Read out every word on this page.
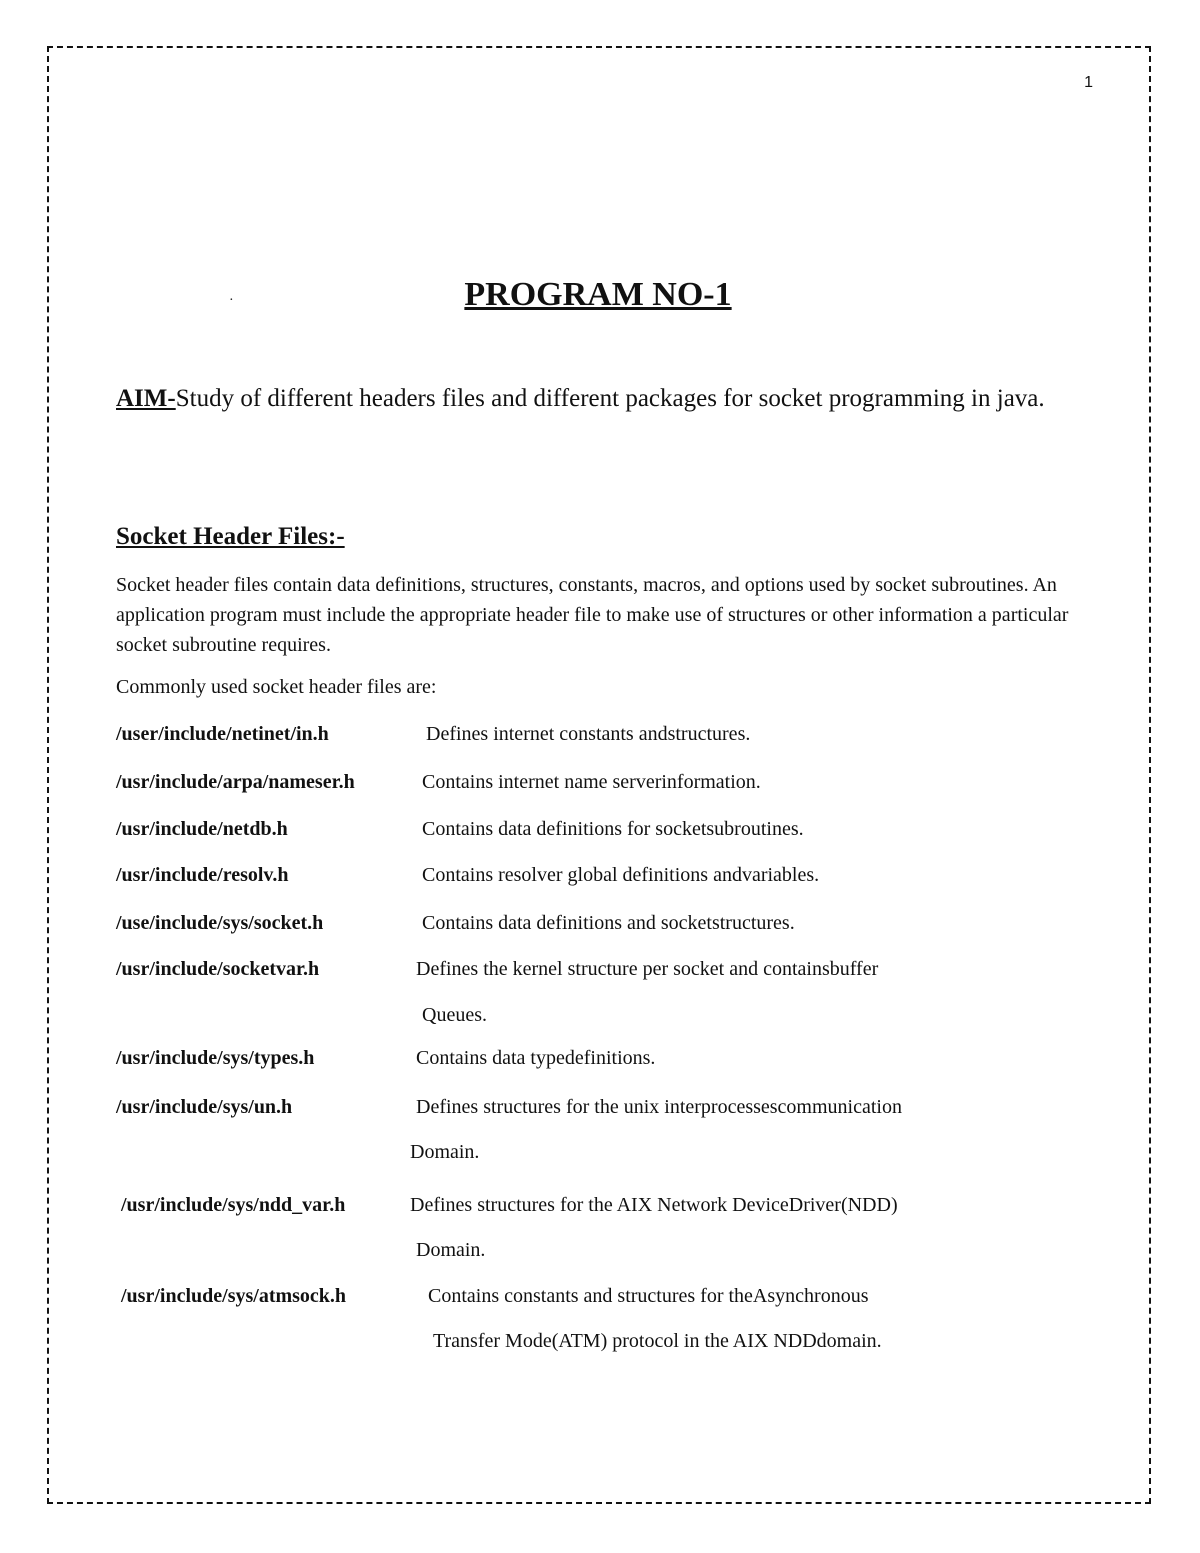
1
·	PROGRAM NO-1

AIM-Study of different headers files and different packages for socket programming in java.

Socket Header Files:-

Socket header files contain data definitions, structures, constants, macros, and options used by socket subroutines. An application program must include the appropriate header file to make use of structures or other information a particular socket subroutine requires.

Commonly used socket header files are:

/user/include/netinet/in.h	Defines internet constants andstructures.
/usr/include/arpa/nameser.h	Contains internet name serverinformation.
/usr/include/netdb.h	Contains data definitions for socketsubroutines.
/usr/include/resolv.h	Contains resolver global definitions andvariables.
/use/include/sys/socket.h	Contains data definitions and socketstructures.
/usr/include/socketvar.h	Defines the kernel structure per socket and containsbuffer
Queues.
/usr/include/sys/types.h	Contains data typedefinitions.
/usr/include/sys/un.h	Defines structures for the unix interprocessescommunication
Domain.
/usr/include/sys/ndd_var.h	Defines structures for the AIX Network DeviceDriver(NDD)
Domain.
/usr/include/sys/atmsock.h	Contains constants and structures for theAsynchronous
Transfer Mode(ATM) protocol in the AIX NDDdomain.
